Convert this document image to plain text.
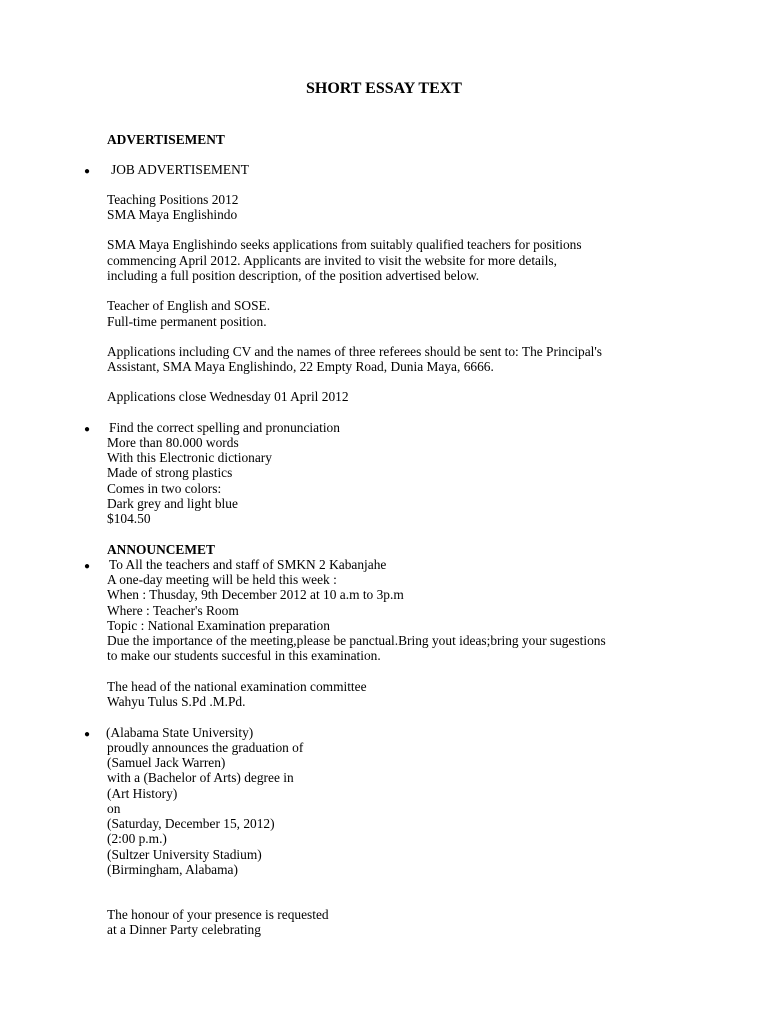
SHORT ESSAY TEXT
ADVERTISEMENT
● JOB ADVERTISEMENT
Teaching Positions 2012
SMA Maya Englishindo
SMA Maya Englishindo seeks applications from suitably qualified teachers for positions
commencing April 2012. Applicants are invited to visit the website for more details,
including a full position description, of the position advertised below.
Teacher of English and SOSE.
Full-time permanent position.
Applications including CV and the names of three referees should be sent to: The Principal's
Assistant, SMA Maya Englishindo, 22 Empty Road, Dunia Maya, 6666.
Applications close Wednesday 01 April 2012
● Find the correct spelling and pronunciation
More than 80.000 words
With this Electronic dictionary
Made of strong plastics
Comes in two colors:
Dark grey and light blue
$104.50
ANNOUNCEMET
● To All the teachers and staff of SMKN 2 Kabanjahe
A one-day meeting will be held this week :
When : Thusday, 9th December 2012 at 10 a.m to 3p.m
Where : Teacher's Room
Topic : National Examination preparation
Due the importance of the meeting,please be panctual.Bring yout ideas;bring your sugestions
to make our students succesful in this examination.
The head of the national examination committee
Wahyu Tulus S.Pd .M.Pd.
● (Alabama State University)
proudly announces the graduation of
(Samuel Jack Warren)
with a (Bachelor of Arts) degree in
(Art History)
on
(Saturday, December 15, 2012)
(2:00 p.m.)
(Sultzer University Stadium)
(Birmingham, Alabama)
The honour of your presence is requested
at a Dinner Party celebrating
